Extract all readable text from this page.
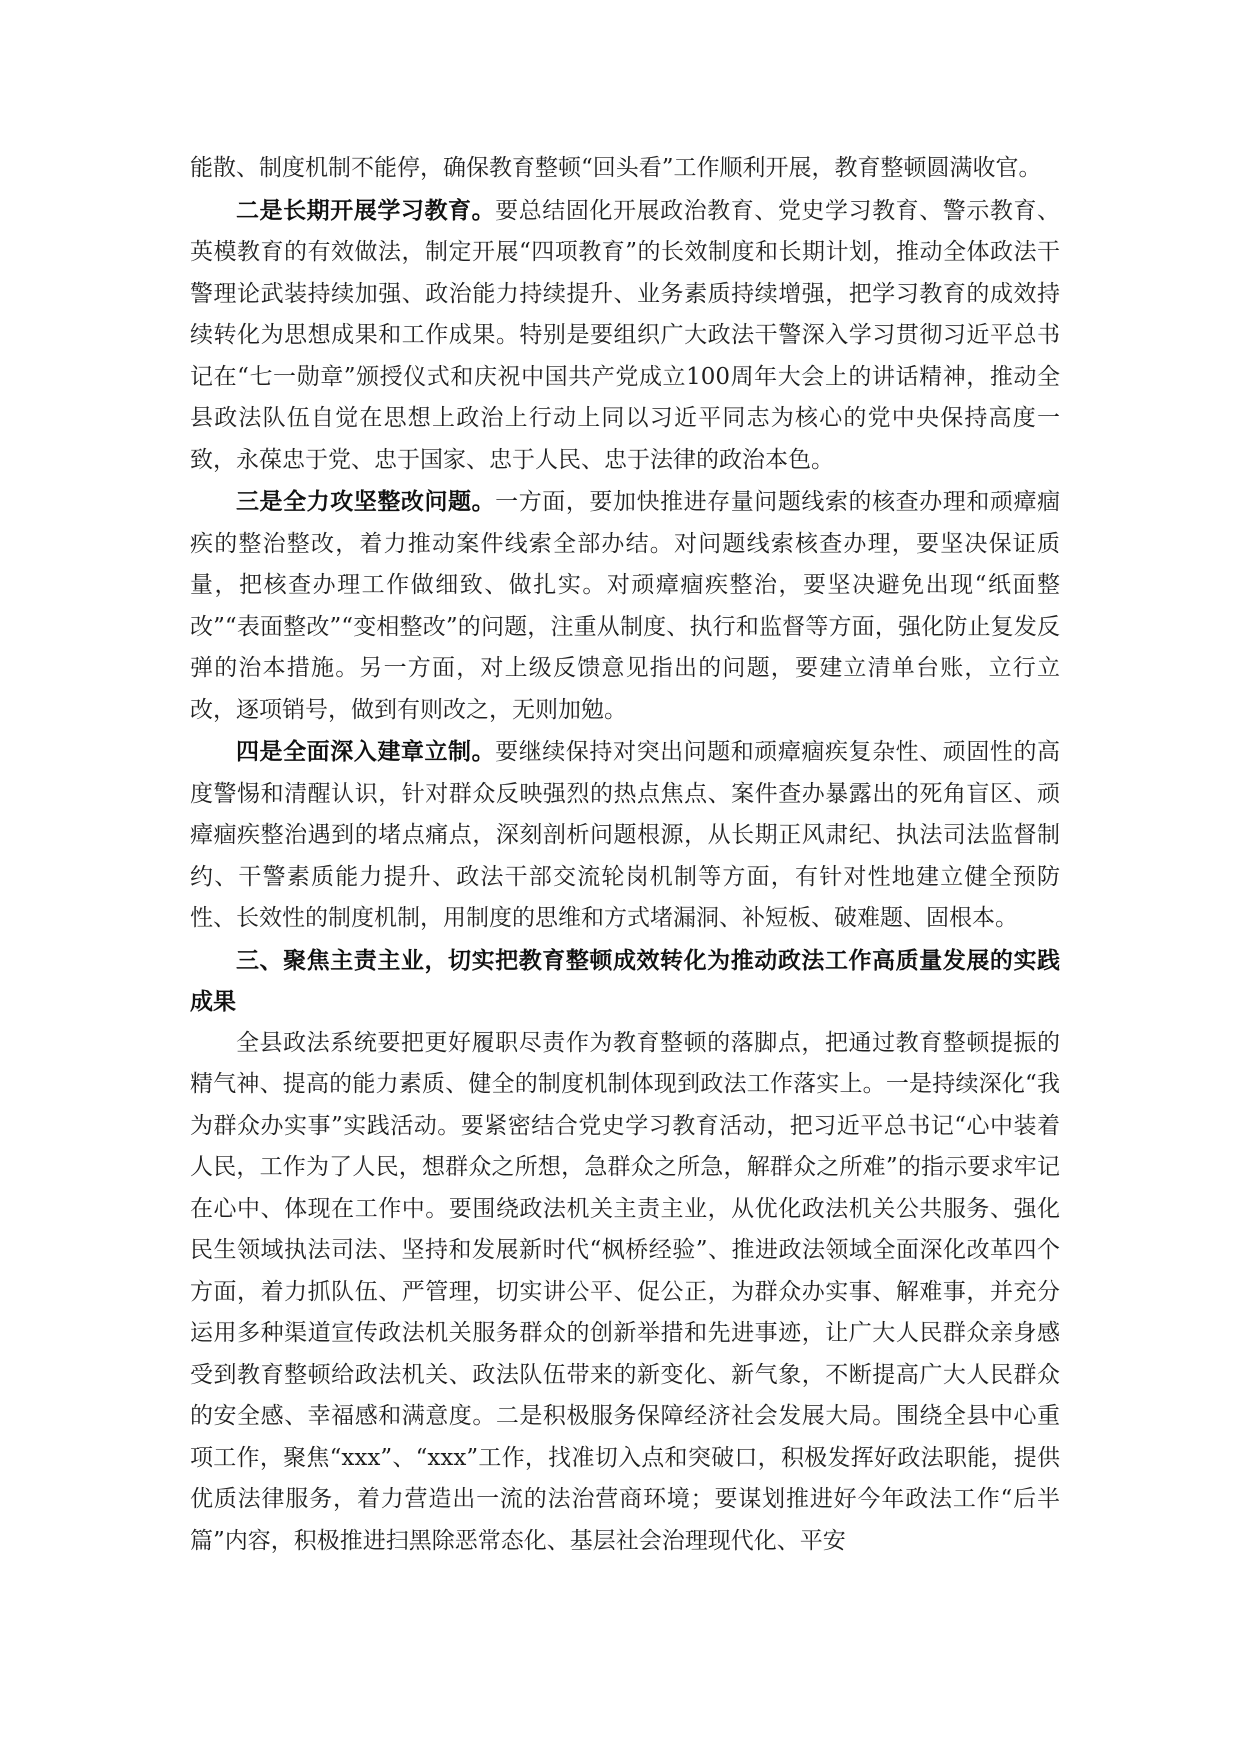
能散、制度机制不能停，确保教育整顿“回头看”工作顺利开展，教育整顿圆满收官。

二是长期开展学习教育。要总结固化开展政治教育、党史学习教育、警示教育、英模教育的有效做法，制定开展“四项教育”的长效制度和长期计划，推动全体政法干警理论武装持续加强、政治能力持续提升、业务素质持续增强，把学习教育的成效持续转化为思想成果和工作成果。特别是要组织广大政法干警深入学习贯彻习近平总书记在“七一勋章”颁授仪式和庆祝中国共产党成立100周年大会上的讲话精神，推动全县政法队伍自觉在思想上政治上行动上同以习近平同志为核心的党中央保持高度一致，永葆忠于党、忠于国家、忠于人民、忠于法律的政治本色。

三是全力攻坚整改问题。一方面，要加快推进存量问题线索的核查办理和顽瘴痼疾的整治整改，着力推动案件线索全部办结。对问题线索核查办理，要坚决保证质量，把核查办理工作做细致、做扎实。对顽瘴痼疾整治，要坚决避免出现“纸面整改”“表面整改”“变相整改”的问题，注重从制度、执行和监督等方面，强化防止复发反弹的治本措施。另一方面，对上级反馈意见指出的问题，要建立清单台账，立行立改，逐项销号，做到有则改之，无则加勉。

四是全面深入建章立制。要继续保持对突出问题和顽瘴痼疾复杂性、顽固性的高度警惕和清醒认识，针对群众反映强烈的热点焦点、案件查办暴露出的死角盲区、顽瘴痼疾整治遇到的堵点痛点，深刻剖析问题根源，从长期正风肃纪、执法司法监督制约、干警素质能力提升、政法干部交流轮岗机制等方面，有针对性地建立健全预防性、长效性的制度机制，用制度的思维和方式堵漏洞、补短板、破难题、固根本。

三、聚焦主责主业，切实把教育整顿成效转化为推动政法工作高质量发展的实践成果

全县政法系统要把更好履职尽责作为教育整顿的落脚点，把通过教育整顿提振的精气神、提高的能力素质、健全的制度机制体现到政法工作落实上。一是持续深化“我为群众办实事”实践活动。要紧密结合党史学习教育活动，把习近平总书记“心中装着人民，工作为了人民，想群众之所想，急群众之所急，解群众之所难”的指示要求牢记在心中、体现在工作中。要围绕政法机关主责主业，从优化政法机关公共服务、强化民生领域执法司法、坚持和发展新时代“枫桥经验”、推进政法领域全面深化改革四个方面，着力抓队伍、严管理，切实讲公平、促公正，为群众办实事、解难事，并充分运用多种渠道宣传政法机关服务群众的创新举措和先进事迹，让广大人民群众亲身感受到教育整顿给政法机关、政法队伍带来的新变化、新气象，不断提高广大人民群众的安全感、幸福感和满意度。二是积极服务保障经济社会发展大局。围绕全县中心重项工作，聚焦“xxx”、“xxx”工作，找准切入点和突破口，积极发挥好政法职能，提供优质法律服务，着力营造出一流的法治营商环境；要谋划推进好今年政法工作“后半篇”内容，积极推进扫黑除恶常态化、基层社会治理现代化、平安
